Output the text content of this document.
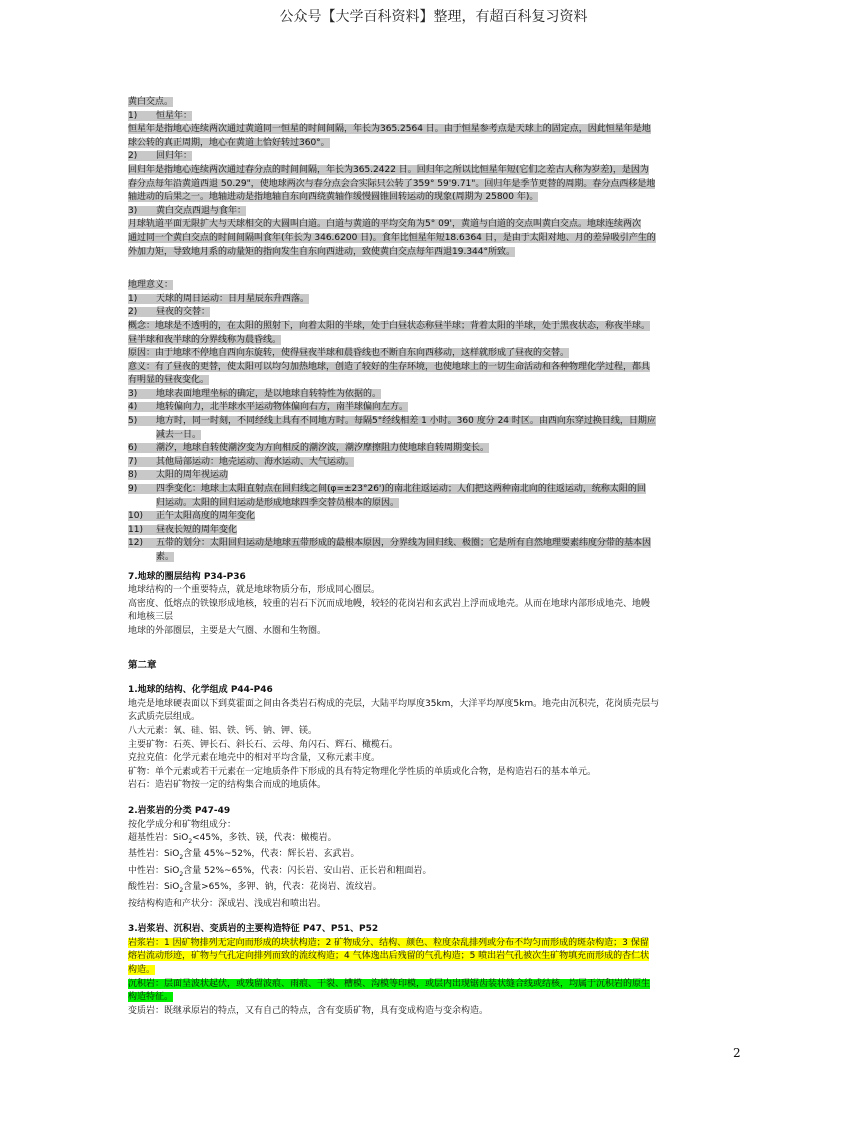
公众号【大学百科资料】整理，有超百科复习资料
黄白交点。
1) 恒星年：
恒星年是指地心连续两次通过黄道同一恒星的时间间隔，年长为365.2564 日。由于恒星参考点是天球上的固定点，因此恒星年是地
球公转的真正周期，地心在黄道上恰好转过360°。
2) 回归年：
回归年是指地心连续两次通过春分点的时间间隔，年长为365.2422 日。回归年之所以比恒星年短(它们之差古人称为岁差)，是因为
春分点每年沿黄道西退 50.29"，使地球两次与春分点会合实际只公转了359° 59'9.71"。回归年是季节更替的周期。春分点西移是地
轴进动的后果之一。地轴进动是指地轴自东向西绕黄轴作缓慢圆锥回转运动的现象(周期为 25800 年)。
3) 黄白交点西退与食年：
月球轨道平面无限扩大与天球相交的大圆叫白道。白道与黄道的平均交角为5° 09'，黄道与白道的交点叫黄白交点。地球连续两次
通过同一个黄白交点的时间间隔叫食年(年长为 346.6200 日)。食年比恒星年短18.6364 日，是由于太阳对地、月的差异吸引产生的
外加力矩，导致地月系的动量矩的指向发生自东向西进动，致使黄白交点每年西退19.344°所致。
地理意义：
1) 天球的周日运动：日月星辰东升西落。
2) 昼夜的交替：
概念：地球是不透明的，在太阳的照射下，向着太阳的半球，处于白昼状态称昼半球；背着太阳的半球，处于黑夜状态，称夜半球。
昼半球和夜半球的分界线称为晨昏线。
原因：由于地球不停地自西向东旋转，使得昼夜半球和晨昏线也不断自东向西移动，这样就形成了昼夜的交替。
意义：有了昼夜的更替，使太阳可以均匀加热地球，创造了较好的生存环境，也使地球上的一切生命活动和各种物理化学过程，都具
有明显的昼夜变化。
3) 地球表面地理坐标的确定，是以地球自转特性为依据的。
4) 地转偏向力，北半球水平运动物体偏向右方，南半球偏向左方。
5) 地方时，同一时刻，不同经线上具有不同地方时。每隔5°经线相差 1 小时。360 度分 24 时区。由西向东穿过换日线，日期应
减去一日。
6) 潮汐，地球自转使潮汐变为方向相反的潮汐波，潮汐摩擦阻力使地球自转周期变长。
7) 其他局部运动：地壳运动、海水运动、大气运动。
8) 太阳的周年视运动
9) 四季变化：地球上太阳直射点在回归线之间(φ=±23°26')的南北往返运动；人们把这两种南北向的往返运动，统称太阳的回
归运动。太阳的回归运动是形成地球四季交替员根本的原因。
10) 正午太阳高度的周年变化
11) 昼夜长短的周年变化
12) 五带的划分：太阳回归运动是地球五带形成的最根本原因，分界线为回归线、极圈；它是所有自然地理要素纬度分带的基本因
素。
7.地球的圈层结构 P34-P36
地球结构的一个重要特点，就是地球物质分布，形成同心圈层。
高密度、低熔点的铁镍形成地核，较重的岩石下沉而成地幔，较轻的花岗岩和玄武岩上浮而成地壳。从而在地球内部形成地壳、地幔
和地核三层
地球的外部圈层，主要是大气圈、水圈和生物圈。
第二章
1.地球的结构、化学组成 P44-P46
地壳是地球硬表面以下到莫霍面之间由各类岩石构成的壳层，大陆平均厚度35km，大洋平均厚度5km。地壳由沉积壳，花岗质壳层与
玄武质壳层组成。
八大元素：氧、硅、铝、铁、钙、钠、钾、镁。
主要矿物：石英、钾长石、斜长石、云母、角闪石、辉石、橄榄石。
克拉克值：化学元素在地壳中的相对平均含量，又称元素丰度。
矿物：单个元素或若干元素在一定地质条件下形成的具有特定物理化学性质的单质或化合物，是构造岩石的基本单元。
岩石：造岩矿物按一定的结构集合而成的地质体。
2.岩浆岩的分类 P47-49
按化学成分和矿物组成分：
超基性岩：SiO$_2$<45%，多铁、镁，代表：橄榄岩。
基性岩：SiO$_2$含量 45%~52%，代表：辉长岩、玄武岩。
中性岩：SiO$_2$含量 52%~65%，代表：闪长岩、安山岩、正长岩和粗面岩。
酸性岩：SiO$_2$含量>65%，多钾、钠，代表：花岗岩、流纹岩。
按结构构造和产状分：深成岩、浅成岩和喷出岩。
3.岩浆岩、沉积岩、变质岩的主要构造特征 P47、P51、P52
岩浆岩：1 因矿物排列无定向而形成的块状构造；2 矿物成分、结构、颜色、粒度杂乱排列或分布不均匀而形成的斑杂构造；3 保留
熔岩流动形迹，矿物与气孔定向排列而致的流纹构造；4 气体逸出后残留的气孔构造；5 喷出岩气孔被次生矿物填充而形成的杏仁状
构造。
沉积岩：层面呈波状起伏，或残留波痕、雨痕、干裂、槽模、沟模等印模，或层内出现锯齿装状缝合线或结核，均属于沉积岩的原生
构造特征。
变质岩：既继承原岩的特点，又有自己的特点，含有变质矿物，具有变成构造与变余构造。
2
